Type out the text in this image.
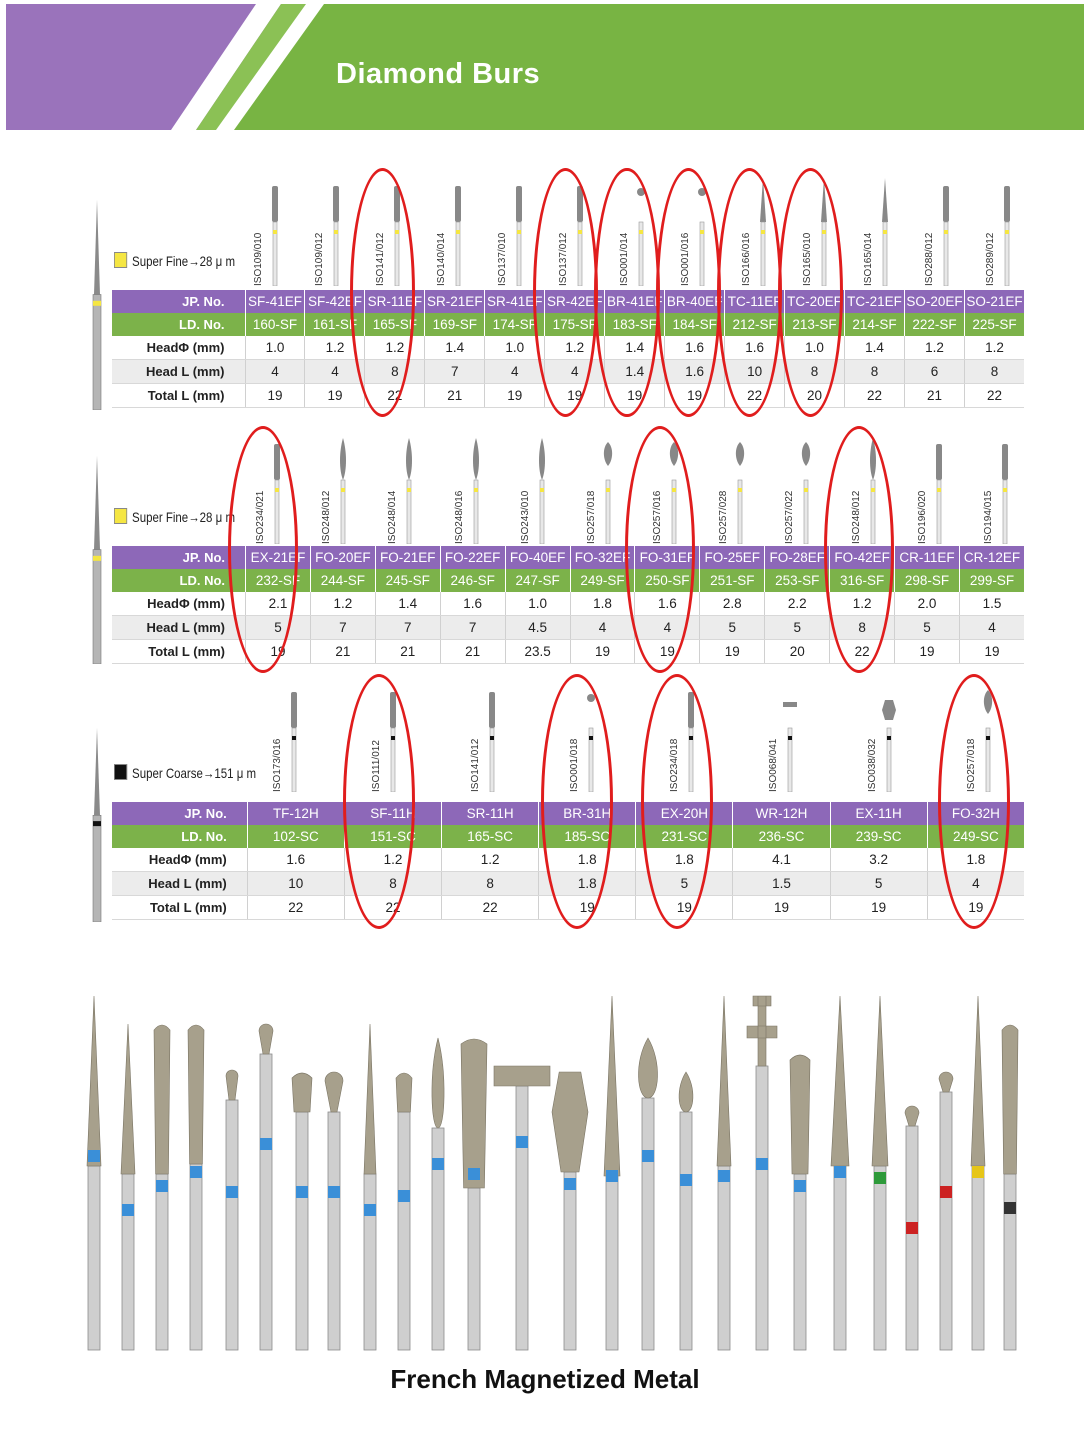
Diamond Burs
Super Fine→28 μ m ISO109/010	ISO109/012	ISO141/012	ISO140/014	ISO137/010	ISO137/012	ISO001/014	ISO001/016	ISO166/016	ISO165/010	ISO165/014	ISO288/012	ISO289/012
JP. No.	SF-41EF	SF-42EF	SR-11EF	SR-21EF	SR-41EF	SR-42EF	BR-41EF	BR-40EF	TC-11EF	TC-20EF	TC-21EF	SO-20EF	SO-21EF
LD. No.	160-SF	161-SF	165-SF	169-SF	174-SF	175-SF	183-SF	184-SF	212-SF	213-SF	214-SF	222-SF	225-SF
HeadΦ (mm)	1.0	1.2	1.2	1.4	1.0	1.2	1.4	1.6	1.6	1.0	1.4	1.2	1.2
Head L (mm)	4	4	8	7	4	4	1.4	1.6	10	8	8	6	8
Total L (mm)	19	19	22	21	19	19	19	19	22	20	22	21	22
Super Fine→28 μ m ISO234/021	ISO248/012	ISO248/014	ISO248/016	ISO243/010	ISO257/018	ISO257/016	ISO257/028	ISO257/022	ISO248/012	ISO196/020	ISO194/015
JP. No.	EX-21EF	FO-20EF	FO-21EF	FO-22EF	FO-40EF	FO-32EF	FO-31EF	FO-25EF	FO-28EF	FO-42EF	CR-11EF	CR-12EF
LD. No.	232-SF	244-SF	245-SF	246-SF	247-SF	249-SF	250-SF	251-SF	253-SF	316-SF	298-SF	299-SF
HeadΦ (mm)	2.1	1.2	1.4	1.6	1.0	1.8	1.6	2.8	2.2	1.2	2.0	1.5
Head L (mm)	5	7	7	7	4.5	4	4	5	5	8	5	4
Total L (mm)	19	21	21	21	23.5	19	19	19	20	22	19	19
Super Coarse→151 μ m ISO173/016	ISO111/012	ISO141/012	ISO001/018	ISO234/018	ISO068/041	ISO038/032	ISO257/018
JP. No.	TF-12H	SF-11H	SR-11H	BR-31H	EX-20H	WR-12H	EX-11H	FO-32H
LD. No.	102-SC	151-SC	165-SC	185-SC	231-SC	236-SC	239-SC	249-SC
HeadΦ (mm)	1.6	1.2	1.2	1.8	1.8	4.1	3.2	1.8
Head L (mm)	10	8	8	1.8	5	1.5	5	4
Total L (mm)	22	22	22	19	19	19	19	19
French Magnetized Metal
